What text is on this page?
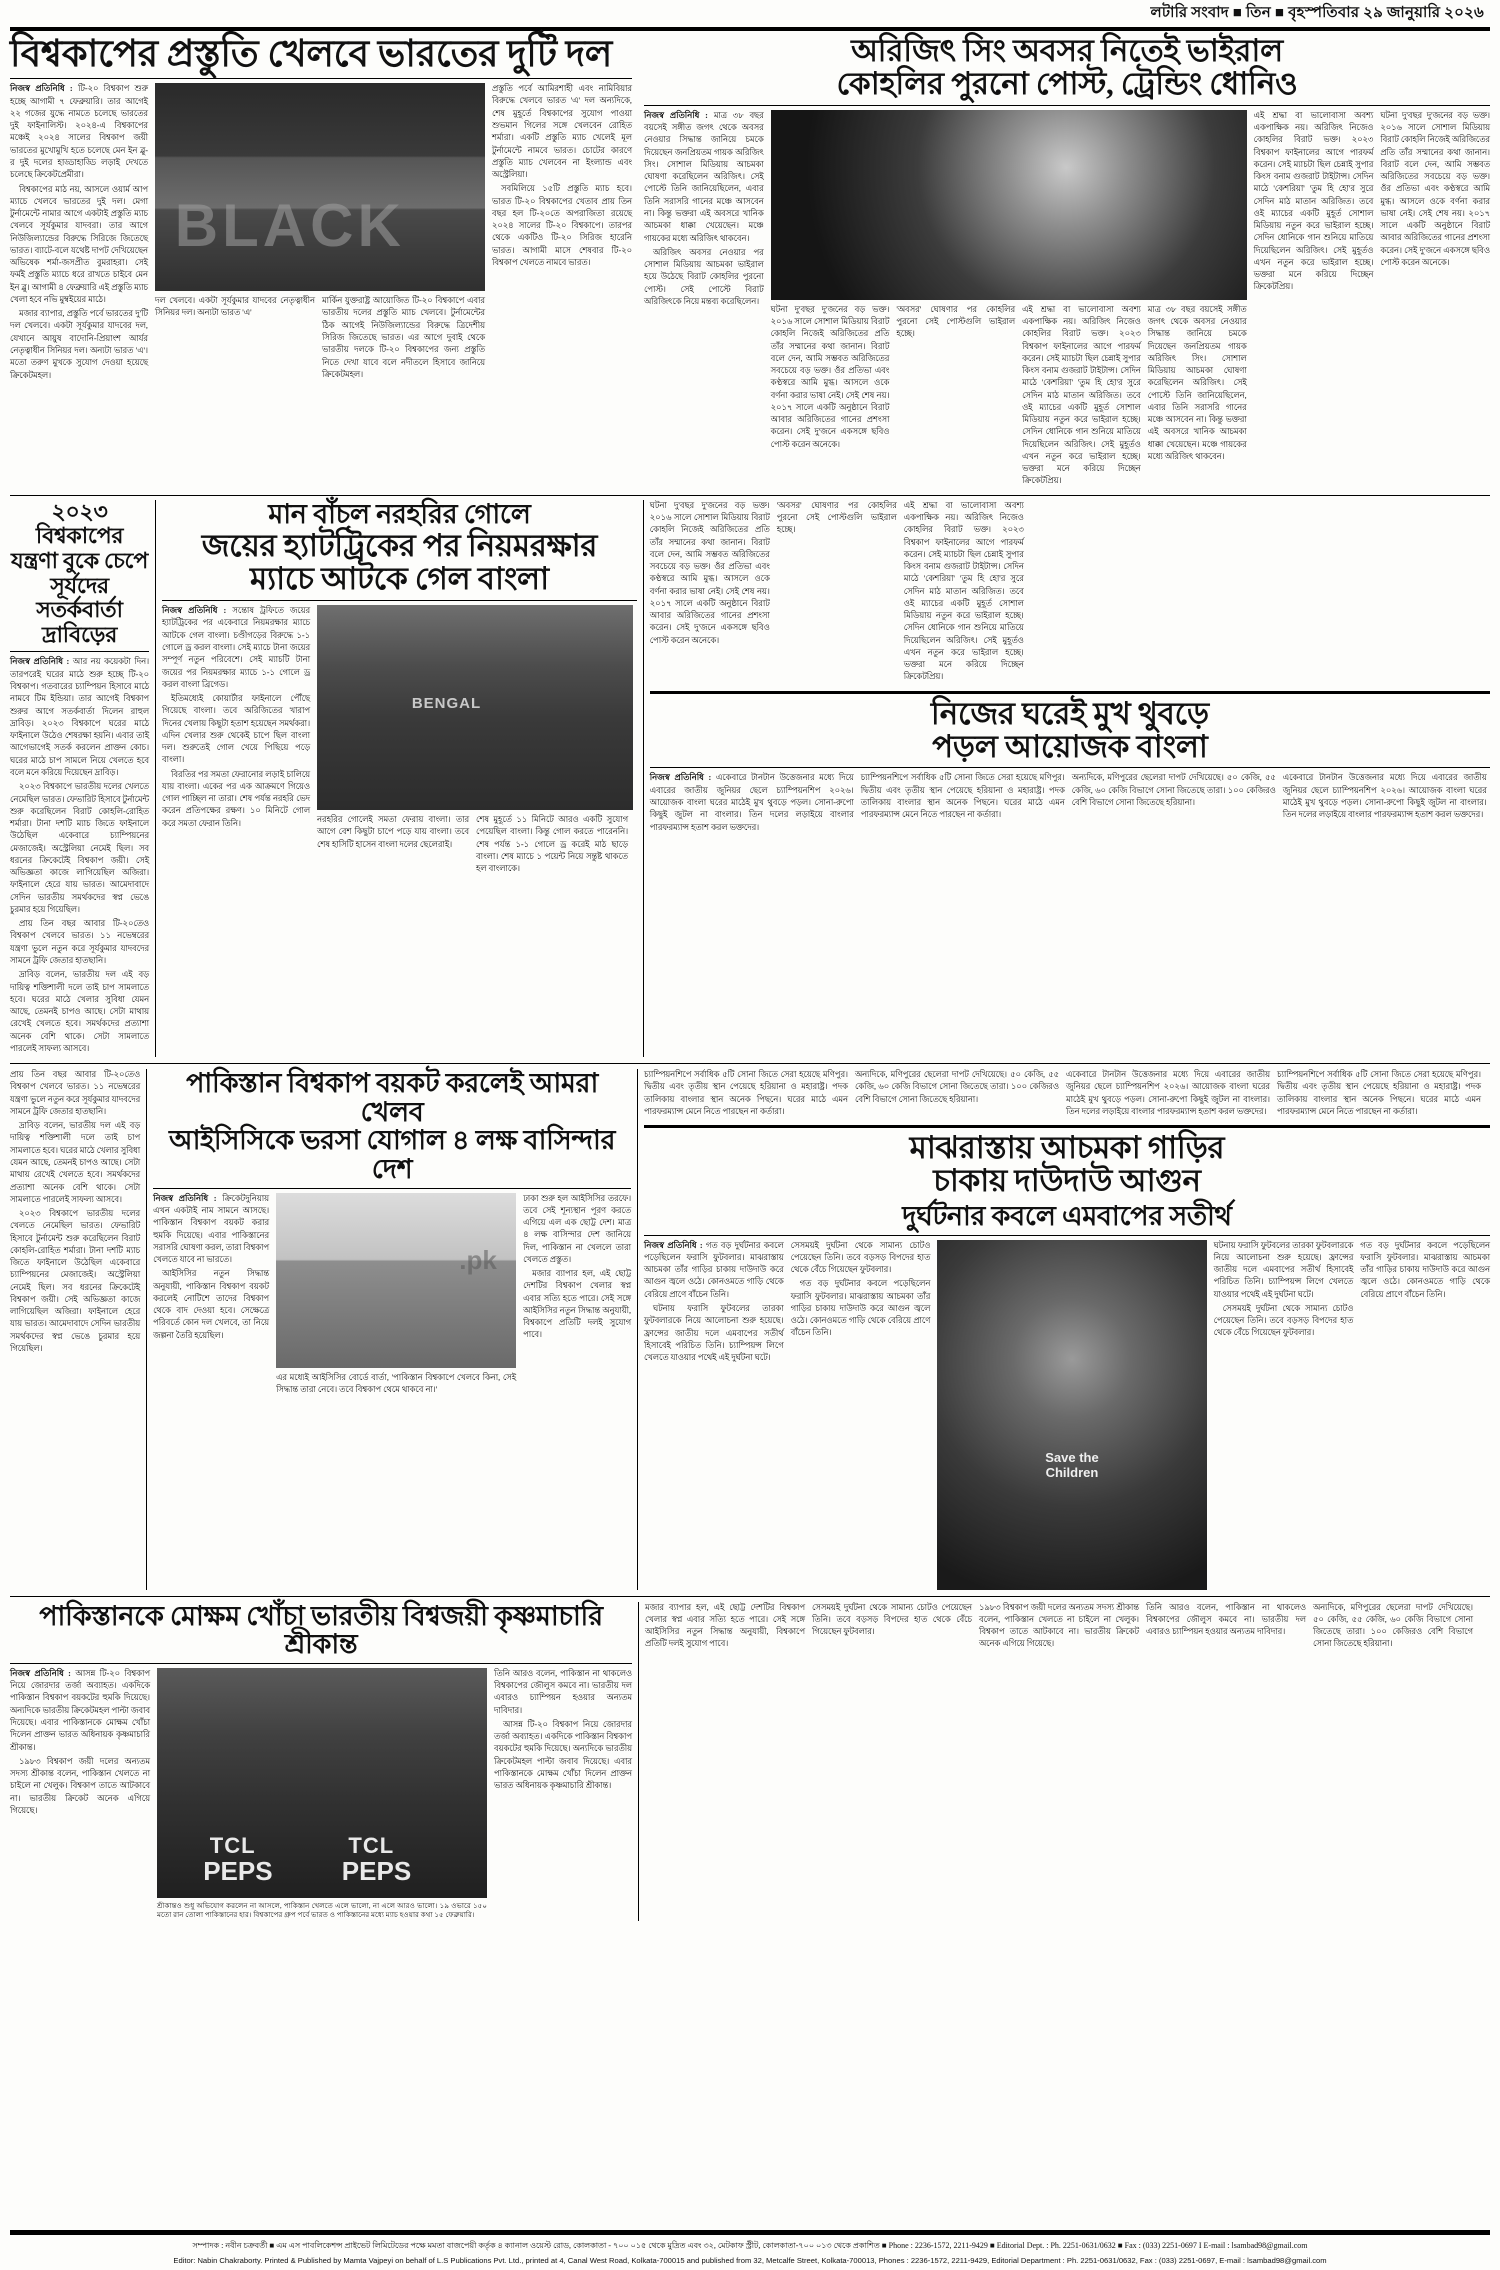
লটারি সংবাদ ■ তিন ■ বৃহস্পতিবার ২৯ জানুয়ারি ২০২৬
বিশ্বকাপের প্রস্তুতি খেলবে ভারতের দুটি দল

নিজস্ব প্রতিনিধি : টি-২০ বিশ্বকাপ শুরু হচ্ছে আগামী ৭ ফেব্রুয়ারি। তার আগেই ২২ গজের যুদ্ধে নামতে চলেছে ভারতের দুই ফাইনালিস্ট। ২০২৪-এ বিশ্বকাপের মঞ্চেই ২০২৪ সালের বিশ্বকাপ জয়ী ভারতের মুখোমুখি হতে চলেছে মেন ইন ব্লু-র দুই দলের হাড্ডাহাড্ডি লড়াই দেখতে চলেছে ক্রিকেটপ্রেমীরা।

বিশ্বকাপের মাঠ নয়, আসলে ওয়ার্ম আপ ম্যাচে খেলবে ভারতের দুই দল। মেগা টুর্নামেন্টে নামার আগে একটাই প্রস্তুতি ম্যাচ খেলবে সূর্যকুমার যাদবরা। তার আগে নিউজিল্যান্ডের বিরুদ্ধে সিরিজে জিতেছে ভারত। ব্যাটে-বলে যথেষ্ট দাপট দেখিয়েছেন অভিষেক শর্মা-জসপ্রীত বুমরাহরা। সেই ফর্মই প্রস্তুতি ম্যাচে ধরে রাখতে চাইবে মেন ইন ব্লু। আগামী ৪ ফেব্রুয়ারি এই প্রস্তুতি ম্যাচ খেলা হবে নভি মুম্বইয়ের মাঠে।

মজার ব্যাপার, প্রস্তুতি পর্বে ভারতের দু'টি দল খেলবে। একটা সূর্যকুমার যাদবের দল, যেখানে আয়ুষ বাদোনি-প্রিয়াংশ আর্যর নেতৃত্বাধীন সিনিয়র দল। অন্যটা ভারত 'এ'। মতো তরুণ মুখকে সুযোগ দেওয়া হয়েছে ক্রিকেটমহল।

BLACK

দল খেলবে। একটা সূর্যকুমার যাদবের নেতৃত্বাধীন সিনিয়র দল। অন্যটা ভারত 'এ'

মার্কিন যুক্তরাষ্ট্র আয়োজিত টি-২০ বিশ্বকাপে এবার ভারতীয় দলের প্রস্তুতি ম্যাচ খেলবে। টুর্নামেন্টের ঠিক আগেই নিউজিল্যান্ডের বিরুদ্ধে ত্রিদেশীয় সিরিজ জিতেছে ভারত। এর আগে দুবাই থেকে ভারতীয় দলকে টি-২০ বিশ্বকাপের জন্য প্রস্তুতি নিতে দেখা যাবে বলে নদীতলে হিসাবে জানিয়ে ক্রিকেটমহল।

প্রস্তুতি পর্বে আমিরশাহী এবং নামিবিয়ার বিরুদ্ধে খেলবে ভারত 'এ' দল অন্যদিকে, শেষ মুহূর্তে বিশ্বকাপের সুযোগ পাওয়া শুভমান গিলের সঙ্গে খেলবেন রোহিত শর্মারা। একটি প্রস্তুতি ম্যাচ খেলেই মূল টুর্নামেন্টে নামবে ভারত। চোটের কারণে প্রস্তুতি ম্যাচ খেলবেন না ইংল্যান্ড এবং অস্ট্রেলিয়া।

সবমিলিয়ে ১৫টি প্রস্তুতি ম্যাচ হবে। ভারত টি-২০ বিশ্বকাপের খেতাব প্রায় তিন বছর হল টি-২০তে অপরাজিতা রয়েছে ২০২৪ সালের টি-২০ বিশ্বকাপে। তারপর থেকে একটিও টি-২০ সিরিজ হারেনি ভারত। আগামী মাসে শেষবার টি-২০ বিশ্বকাপ খেলতে নামবে ভারত।

অরিজিৎ সিং অবসর নিতেই ভাইরাল
কোহলির পুরনো পোস্ট, ট্রেন্ডিং ধোনিও

নিজস্ব প্রতিনিধি : মাত্র ৩৮ বছর বয়সেই সঙ্গীত জগৎ থেকে অবসর নেওয়ার সিদ্ধান্ত জানিয়ে চমকে দিয়েছেন জনপ্রিয়তম গায়ক অরিজিৎ সিং। সোশাল মিডিয়ায় আচমকা ঘোষণা করেছিলেন অরিজিৎ। সেই পোস্টে তিনি জানিয়েছিলেন, এবার তিনি সরাসরি গানের মঞ্চে আসবেন না। কিন্তু ভক্তরা এই অবসরে খানিক আচমকা ধাক্কা খেয়েছেন। মঞ্চে গায়কের মধ্যে অরিজিৎ থাকবেন।

অরিজিৎ অবসর নেওয়ার পর সোশাল মিডিয়ায় আচমকা ভাইরাল হয়ে উঠেছে বিরাট কোহলির পুরনো পোস্ট। সেই পোস্টে বিরাট অরিজিৎকে নিয়ে মন্তব্য করেছিলেন।

ঘটনা দু'বছর দু'জনের বড় ভক্ত। ২০১৬ সালে সোশাল মিডিয়ায় বিরাট কোহলি নিজেই অরিজিতের প্রতি তাঁর সম্মানের কথা জানান। বিরাট বলে দেন, আমি সম্ভবত অরিজিতের সবচেয়ে বড় ভক্ত। ওঁর প্রতিভা এবং কণ্ঠস্বরে আমি মুগ্ধ। আসলে ওকে বর্ণনা করার ভাষা নেই। সেই শেষ নয়। ২০১৭ সালে একটি অনুষ্ঠানে বিরাট আবার অরিজিতের গানের প্রশংসা করেন। সেই দু'জনে একসঙ্গে ছবিও পোস্ট করেন অনেকে।

'অবসর' ঘোষণার পর কোহলির পুরনো সেই পোস্টগুলি ভাইরাল হচ্ছে।

এই শ্রদ্ধা বা ভালোবাসা অবশ্য একপাক্ষিক নয়। অরিজিৎ নিজেও কোহলির বিরাট ভক্ত। ২০২৩ বিশ্বকাপ ফাইনালের আগে পারফর্ম করেন। সেই ম্যাচটা ছিল চেন্নাই সুপার কিংস বনাম গুজরাট টাইটান্স। সেদিন মাঠে 'কেশরিয়া' 'তুম হি হো'র সুরে সেদিন মাঠ মাতান অরিজিত। তবে ওই ম্যাচের একটি মুহূর্ত সোশাল মিডিয়ায় নতুন করে ভাইরাল হচ্ছে। সেদিন ধোনিকে গান শুনিয়ে মাতিয়ে দিয়েছিলেন অরিজিৎ। সেই মুহূর্তও এখন নতুন করে ভাইরাল হচ্ছে। ভক্তরা মনে করিয়ে দিচ্ছেন ক্রিকেটপ্রিয়।

মাত্র ৩৮ বছর বয়সেই সঙ্গীত জগৎ থেকে অবসর নেওয়ার সিদ্ধান্ত জানিয়ে চমকে দিয়েছেন জনপ্রিয়তম গায়ক অরিজিৎ সিং। সোশাল মিডিয়ায় আচমকা ঘোষণা করেছিলেন অরিজিৎ। সেই পোস্টে তিনি জানিয়েছিলেন, এবার তিনি সরাসরি গানের মঞ্চে আসবেন না। কিন্তু ভক্তরা এই অবসরে খানিক আচমকা ধাক্কা খেয়েছেন। মঞ্চে গায়কের মধ্যে অরিজিৎ থাকবেন।

এই শ্রদ্ধা বা ভালোবাসা অবশ্য একপাক্ষিক নয়। অরিজিৎ নিজেও কোহলির বিরাট ভক্ত। ২০২৩ বিশ্বকাপ ফাইনালের আগে পারফর্ম করেন। সেই ম্যাচটা ছিল চেন্নাই সুপার কিংস বনাম গুজরাট টাইটান্স। সেদিন মাঠে 'কেশরিয়া' 'তুম হি হো'র সুরে সেদিন মাঠ মাতান অরিজিত। তবে ওই ম্যাচের একটি মুহূর্ত সোশাল মিডিয়ায় নতুন করে ভাইরাল হচ্ছে। সেদিন ধোনিকে গান শুনিয়ে মাতিয়ে দিয়েছিলেন অরিজিৎ। সেই মুহূর্তও এখন নতুন করে ভাইরাল হচ্ছে। ভক্তরা মনে করিয়ে দিচ্ছেন ক্রিকেটপ্রিয়।

ঘটনা দু'বছর দু'জনের বড় ভক্ত। ২০১৬ সালে সোশাল মিডিয়ায় বিরাট কোহলি নিজেই অরিজিতের প্রতি তাঁর সম্মানের কথা জানান। বিরাট বলে দেন, আমি সম্ভবত অরিজিতের সবচেয়ে বড় ভক্ত। ওঁর প্রতিভা এবং কণ্ঠস্বরে আমি মুগ্ধ। আসলে ওকে বর্ণনা করার ভাষা নেই। সেই শেষ নয়। ২০১৭ সালে একটি অনুষ্ঠানে বিরাট আবার অরিজিতের গানের প্রশংসা করেন। সেই দু'জনে একসঙ্গে ছবিও পোস্ট করেন অনেকে।

২০২৩ বিশ্বকাপের যন্ত্রণা বুকে চেপে সূর্যদের সতর্কবার্তা দ্রাবিড়ের

নিজস্ব প্রতিনিধি : আর নয় কয়েকটা দিন। তারপরেই ঘরের মাঠে শুরু হচ্ছে টি-২০ বিশ্বকাপ। গতবারের চ্যাম্পিয়ন হিসাবে মাঠে নামবে টিম ইন্ডিয়া। তার আগেই বিশ্বকাপ শুরুর আগে সতর্কবার্তা দিলেন রাহুল দ্রাবিড়। ২০২৩ বিশ্বকাপে ঘরের মাঠে ফাইনালে উঠেও শেষরক্ষা হয়নি। এবার তাই আগেভাগেই সতর্ক করলেন প্রাক্তন কোচ। ঘরের মাঠে চাপ সামলে নিয়ে খেলতে হবে বলে মনে করিয়ে দিয়েছেন দ্রাবিড়।

২০২৩ বিশ্বকাপে ভারতীয় দলের খেলতে নেমেছিল ভারত। ফেভারিট হিসাবে টুর্নামেন্ট শুরু করেছিলেন বিরাট কোহলি-রোহিত শর্মারা। টানা দশটি ম্যাচ জিতে ফাইনালে উঠেছিল একেবারে চ্যাম্পিয়নের মেজাজেই। অস্ট্রেলিয়া নেমেই ছিল। সব ধরনের ক্রিকেটেই বিশ্বকাপ জয়ী। সেই অভিজ্ঞতা কাজে লাগিয়েছিল অজিরা। ফাইনালে হেরে যায় ভারত। আমেদাবাদে সেদিন ভারতীয় সমর্থকদের স্বপ্ন ভেঙে চুরমার হয়ে গিয়েছিল।

প্রায় তিন বছর আবার টি-২০তেও বিশ্বকাপ খেলবে ভারত। ১১ নভেম্বরের যন্ত্রণা ভুলে নতুন করে সূর্যকুমার যাদবদের সামনে ট্রফি জেতার হাতছানি।

দ্রাবিড় বলেন, ভারতীয় দল এই বড় দায়িত্ব শক্তিশালী দলে তাই চাপ সামলাতে হবে। ঘরের মাঠে খেলার সুবিধা যেমন আছে, তেমনই চাপও আছে। সেটা মাথায় রেখেই খেলতে হবে। সমর্থকদের প্রত্যাশা অনেক বেশি থাকে। সেটা সামলাতে পারলেই সাফল্য আসবে।

মান বাঁচল নরহরির গোলে
জয়ের হ্যাটট্রিকের পর নিয়মরক্ষার
ম্যাচে আটকে গেল বাংলা

নিজস্ব প্রতিনিধি : সন্তোষ ট্রফিতে জয়ের হ্যাটট্রিকের পর একেবারে নিয়মরক্ষার ম্যাচে আটকে গেল বাংলা। চণ্ডীগড়ের বিরুদ্ধে ১-১ গোলে ড্র করল বাংলা। সেই ম্যাচে টানা জয়ের সম্পূর্ণ নতুন পরিবেশে। সেই ম্যাচটি টানা জয়ের পর নিয়মরক্ষার ম্যাচে ১-১ গোলে ড্র করল বাংলা ব্রিগেড।

ইতিমধ্যেই কোয়ার্টার ফাইনালে পৌঁছে গিয়েছে বাংলা। তবে অরিজিতের খারাপ দিনের খেলায় কিছুটা হতাশ হয়েছেন সমর্থকরা। এদিন খেলার শুরু থেকেই চাপে ছিল বাংলা দল। শুরুতেই গোল খেয়ে পিছিয়ে পড়ে বাংলা।

বিরতির পর সমতা ফেরানোর লড়াই চালিয়ে যায় বাংলা। একের পর এক আক্রমণে গিয়েও গোল পাচ্ছিল না তারা। শেষ পর্যন্ত নরহরি ভেদ করেন প্রতিপক্ষের রক্ষণ। ১০ মিনিটে গোল করে সমতা ফেরান তিনি।

BENGAL	নরহরির গোলেই সমতা ফেরায় বাংলা। তার আগে বেশ কিছুটা চাপে পড়ে যায় বাংলা। তবে শেষ হাসিটি হাসেন বাংলা দলের ছেলেরাই।

শেষ মুহূর্তে ১১ মিনিটে আরও একটি সুযোগ পেয়েছিল বাংলা। কিন্তু গোল করতে পারেননি। শেষ পর্যন্ত ১-১ গোলে ড্র করেই মাঠ ছাড়ে বাংলা। শেষ ম্যাচে ১ পয়েন্ট নিয়ে সন্তুষ্ট থাকতে হল বাংলাকে।

ঘটনা দু'বছর দু'জনের বড় ভক্ত। ২০১৬ সালে সোশাল মিডিয়ায় বিরাট কোহলি নিজেই অরিজিতের প্রতি তাঁর সম্মানের কথা জানান। বিরাট বলে দেন, আমি সম্ভবত অরিজিতের সবচেয়ে বড় ভক্ত। ওঁর প্রতিভা এবং কণ্ঠস্বরে আমি মুগ্ধ। আসলে ওকে বর্ণনা করার ভাষা নেই। সেই শেষ নয়। ২০১৭ সালে একটি অনুষ্ঠানে বিরাট আবার অরিজিতের গানের প্রশংসা করেন। সেই দু'জনে একসঙ্গে ছবিও পোস্ট করেন অনেকে।

'অবসর' ঘোষণার পর কোহলির পুরনো সেই পোস্টগুলি ভাইরাল হচ্ছে।

এই শ্রদ্ধা বা ভালোবাসা অবশ্য একপাক্ষিক নয়। অরিজিৎ নিজেও কোহলির বিরাট ভক্ত। ২০২৩ বিশ্বকাপ ফাইনালের আগে পারফর্ম করেন। সেই ম্যাচটা ছিল চেন্নাই সুপার কিংস বনাম গুজরাট টাইটান্স। সেদিন মাঠে 'কেশরিয়া' 'তুম হি হো'র সুরে সেদিন মাঠ মাতান অরিজিত। তবে ওই ম্যাচের একটি মুহূর্ত সোশাল মিডিয়ায় নতুন করে ভাইরাল হচ্ছে। সেদিন ধোনিকে গান শুনিয়ে মাতিয়ে দিয়েছিলেন অরিজিৎ। সেই মুহূর্তও এখন নতুন করে ভাইরাল হচ্ছে। ভক্তরা মনে করিয়ে দিচ্ছেন ক্রিকেটপ্রিয়।

নিজের ঘরেই মুখ থুবড়ে
পড়ল আয়োজক বাংলা

নিজস্ব প্রতিনিধি : একেবারে টানটান উত্তেজনার মধ্যে দিয়ে এবারের জাতীয় জুনিয়র ছেলে চ্যাম্পিয়নশিপ ২০২৬। আয়োজক বাংলা ঘরের মাঠেই মুখ থুবড়ে পড়ল। সোনা-রুপো কিছুই জুটল না বাংলার। তিন দলের লড়াইয়ে বাংলার পারফরম্যান্স হতাশ করল ভক্তদের।

চ্যাম্পিয়নশিপে সর্বাধিক ৫টি সোনা জিতে সেরা হয়েছে মণিপুর। দ্বিতীয় এবং তৃতীয় স্থান পেয়েছে হরিয়ানা ও মহারাষ্ট্র। পদক তালিকায় বাংলার স্থান অনেক পিছনে। ঘরের মাঠে এমন পারফরম্যান্স মেনে নিতে পারছেন না কর্তারা।

অন্যদিকে, মণিপুরের ছেলেরা দাপট দেখিয়েছে। ৫০ কেজি, ৫৫ কেজি, ৬০ কেজি বিভাগে সোনা জিতেছে তারা। ১০০ কেজিরও বেশি বিভাগে সোনা জিতেছে হরিয়ানা।

একেবারে টানটান উত্তেজনার মধ্যে দিয়ে এবারের জাতীয় জুনিয়র ছেলে চ্যাম্পিয়নশিপ ২০২৬। আয়োজক বাংলা ঘরের মাঠেই মুখ থুবড়ে পড়ল। সোনা-রুপো কিছুই জুটল না বাংলার। তিন দলের লড়াইয়ে বাংলার পারফরম্যান্স হতাশ করল ভক্তদের।

প্রায় তিন বছর আবার টি-২০তেও বিশ্বকাপ খেলবে ভারত। ১১ নভেম্বরের যন্ত্রণা ভুলে নতুন করে সূর্যকুমার যাদবদের সামনে ট্রফি জেতার হাতছানি।

দ্রাবিড় বলেন, ভারতীয় দল এই বড় দায়িত্ব শক্তিশালী দলে তাই চাপ সামলাতে হবে। ঘরের মাঠে খেলার সুবিধা যেমন আছে, তেমনই চাপও আছে। সেটা মাথায় রেখেই খেলতে হবে। সমর্থকদের প্রত্যাশা অনেক বেশি থাকে। সেটা সামলাতে পারলেই সাফল্য আসবে।

২০২৩ বিশ্বকাপে ভারতীয় দলের খেলতে নেমেছিল ভারত। ফেভারিট হিসাবে টুর্নামেন্ট শুরু করেছিলেন বিরাট কোহলি-রোহিত শর্মারা। টানা দশটি ম্যাচ জিতে ফাইনালে উঠেছিল একেবারে চ্যাম্পিয়নের মেজাজেই। অস্ট্রেলিয়া নেমেই ছিল। সব ধরনের ক্রিকেটেই বিশ্বকাপ জয়ী। সেই অভিজ্ঞতা কাজে লাগিয়েছিল অজিরা। ফাইনালে হেরে যায় ভারত। আমেদাবাদে সেদিন ভারতীয় সমর্থকদের স্বপ্ন ভেঙে চুরমার হয়ে গিয়েছিল।

পাকিস্তান বিশ্বকাপ বয়কট করলেই আমরা খেলব
আইসিসিকে ভরসা যোগাল ৪ লক্ষ বাসিন্দার দেশ

নিজস্ব প্রতিনিধি : ক্রিকেটদুনিয়ায় এখন একটাই নাম সামনে আসছে। পাকিস্তান বিশ্বকাপ বয়কট করার হুমকি দিয়েছে। এবার পাকিস্তানের সরাসরি ঘোষণা করল, তারা বিশ্বকাপ খেলতে যাবে না ভারতে।

আইসিসির নতুন সিদ্ধান্ত অনুযায়ী, পাকিস্তান বিশ্বকাপ বয়কট করলেই নোটিশে তাদের বিশ্বকাপ থেকে বাদ দেওয়া হবে। সেক্ষেত্রে পরিবর্তে কোন দল খেলবে, তা নিয়ে জল্পনা তৈরি হয়েছিল।

.pk

এর মধ্যেই আইসিসির বোর্ডে বার্তা, 'পাকিস্তান বিশ্বকাপে খেলবে কিনা, সেই সিদ্ধান্ত তারা নেবে। তবে বিশ্বকাপ থেমে থাকবে না।'

ঢাকা শুরু হল আইসিসির তরফে। তবে সেই শূন্যস্থান পূরণ করতে এগিয়ে এল এক ছোট্ট দেশ। মাত্র ৪ লক্ষ বাসিন্দার দেশ জানিয়ে দিল, পাকিস্তান না খেললে তারা খেলতে প্রস্তুত।

মজার ব্যাপার হল, এই ছোট্ট দেশটির বিশ্বকাপ খেলার স্বপ্ন এবার সত্যি হতে পারে। সেই সঙ্গে আইসিসির নতুন সিদ্ধান্ত অনুযায়ী, বিশ্বকাপে প্রতিটি দলই সুযোগ পাবে।

চ্যাম্পিয়নশিপে সর্বাধিক ৫টি সোনা জিতে সেরা হয়েছে মণিপুর। দ্বিতীয় এবং তৃতীয় স্থান পেয়েছে হরিয়ানা ও মহারাষ্ট্র। পদক তালিকায় বাংলার স্থান অনেক পিছনে। ঘরের মাঠে এমন পারফরম্যান্স মেনে নিতে পারছেন না কর্তারা।

অন্যদিকে, মণিপুরের ছেলেরা দাপট দেখিয়েছে। ৫০ কেজি, ৫৫ কেজি, ৬০ কেজি বিভাগে সোনা জিতেছে তারা। ১০০ কেজিরও বেশি বিভাগে সোনা জিতেছে হরিয়ানা।

একেবারে টানটান উত্তেজনার মধ্যে দিয়ে এবারের জাতীয় জুনিয়র ছেলে চ্যাম্পিয়নশিপ ২০২৬। আয়োজক বাংলা ঘরের মাঠেই মুখ থুবড়ে পড়ল। সোনা-রুপো কিছুই জুটল না বাংলার। তিন দলের লড়াইয়ে বাংলার পারফরম্যান্স হতাশ করল ভক্তদের।

চ্যাম্পিয়নশিপে সর্বাধিক ৫টি সোনা জিতে সেরা হয়েছে মণিপুর। দ্বিতীয় এবং তৃতীয় স্থান পেয়েছে হরিয়ানা ও মহারাষ্ট্র। পদক তালিকায় বাংলার স্থান অনেক পিছনে। ঘরের মাঠে এমন পারফরম্যান্স মেনে নিতে পারছেন না কর্তারা।

মাঝরাস্তায় আচমকা গাড়ির
চাকায় দাউদাউ আগুন
দুর্ঘটনার কবলে এমবাপের সতীর্থ

নিজস্ব প্রতিনিধি : গত বড় দুর্ঘটনার কবলে পড়েছিলেন ফরাসি ফুটবলার। মাঝরাস্তায় আচমকা তাঁর গাড়ির চাকায় দাউদাউ করে আগুন জ্বলে ওঠে। কোনওমতে গাড়ি থেকে বেরিয়ে প্রাণে বাঁচেন তিনি।

ঘটনায় ফরাসি ফুটবলের তারকা ফুটবলারকে নিয়ে আলোচনা শুরু হয়েছে। ফ্রান্সের জাতীয় দলে এমবাপের সতীর্থ হিসাবেই পরিচিত তিনি। চ্যাম্পিয়ন্স লিগে খেলতে যাওয়ার পথেই এই দুর্ঘটনা ঘটে।

সেসময়ই দুর্ঘটনা থেকে সামান্য চোটও পেয়েছেন তিনি। তবে বড়সড় বিপদের হাত থেকে বেঁচে গিয়েছেন ফুটবলার।

গত বড় দুর্ঘটনার কবলে পড়েছিলেন ফরাসি ফুটবলার। মাঝরাস্তায় আচমকা তাঁর গাড়ির চাকায় দাউদাউ করে আগুন জ্বলে ওঠে। কোনওমতে গাড়ি থেকে বেরিয়ে প্রাণে বাঁচেন তিনি।

Save the
Children

ঘটনায় ফরাসি ফুটবলের তারকা ফুটবলারকে নিয়ে আলোচনা শুরু হয়েছে। ফ্রান্সের জাতীয় দলে এমবাপের সতীর্থ হিসাবেই পরিচিত তিনি। চ্যাম্পিয়ন্স লিগে খেলতে যাওয়ার পথেই এই দুর্ঘটনা ঘটে।

সেসময়ই দুর্ঘটনা থেকে সামান্য চোটও পেয়েছেন তিনি। তবে বড়সড় বিপদের হাত থেকে বেঁচে গিয়েছেন ফুটবলার।

গত বড় দুর্ঘটনার কবলে পড়েছিলেন ফরাসি ফুটবলার। মাঝরাস্তায় আচমকা তাঁর গাড়ির চাকায় দাউদাউ করে আগুন জ্বলে ওঠে। কোনওমতে গাড়ি থেকে বেরিয়ে প্রাণে বাঁচেন তিনি।

পাকিস্তানকে মোক্ষম খোঁচা ভারতীয় বিশ্বজয়ী কৃষ্ণমাচারি শ্রীকান্ত

নিজস্ব প্রতিনিধি : আসন্ন টি-২০ বিশ্বকাপ নিয়ে জোরদার তর্জা অব্যাহত। একদিকে পাকিস্তান বিশ্বকাপ বয়কটের হুমকি দিয়েছে। অন্যদিকে ভারতীয় ক্রিকেটমহল পাল্টা জবাব দিয়েছে। এবার পাকিস্তানকে মোক্ষম খোঁচা দিলেন প্রাক্তন ভারত অধিনায়ক কৃষ্ণমাচারি শ্রীকান্ত।

১৯৮৩ বিশ্বকাপ জয়ী দলের অন্যতম সদস্য শ্রীকান্ত বলেন, পাকিস্তান খেলতে না চাইলে না খেলুক। বিশ্বকাপ তাতে আটকাবে না। ভারতীয় ক্রিকেট অনেক এগিয়ে গিয়েছে।

TCL
PEPS
TCL
PEPS
শ্রীকান্তও শুধু অভিযোগ করলেন না আসলে, পাকিস্তান খেলতে এলে ভালো, না এলে আরও ভালো। ১৯ ওভারে ১৫০ মতো রান তোলা পাকিস্তানের হার। বিশ্বকাপের গ্রুপ পর্বে ভারত ও পাকিস্তানের মধ্যে ম্যাচ হওয়ার কথা ১৫ ফেব্রুয়ারি।

তিনি আরও বলেন, পাকিস্তান না থাকলেও বিশ্বকাপের জৌলুস কমবে না। ভারতীয় দল এবারও চ্যাম্পিয়ন হওয়ার অন্যতম দাবিদার।

আসন্ন টি-২০ বিশ্বকাপ নিয়ে জোরদার তর্জা অব্যাহত। একদিকে পাকিস্তান বিশ্বকাপ বয়কটের হুমকি দিয়েছে। অন্যদিকে ভারতীয় ক্রিকেটমহল পাল্টা জবাব দিয়েছে। এবার পাকিস্তানকে মোক্ষম খোঁচা দিলেন প্রাক্তন ভারত অধিনায়ক কৃষ্ণমাচারি শ্রীকান্ত।

মজার ব্যাপার হল, এই ছোট্ট দেশটির বিশ্বকাপ খেলার স্বপ্ন এবার সত্যি হতে পারে। সেই সঙ্গে আইসিসির নতুন সিদ্ধান্ত অনুযায়ী, বিশ্বকাপে প্রতিটি দলই সুযোগ পাবে।

সেসময়ই দুর্ঘটনা থেকে সামান্য চোটও পেয়েছেন তিনি। তবে বড়সড় বিপদের হাত থেকে বেঁচে গিয়েছেন ফুটবলার।

১৯৮৩ বিশ্বকাপ জয়ী দলের অন্যতম সদস্য শ্রীকান্ত বলেন, পাকিস্তান খেলতে না চাইলে না খেলুক। বিশ্বকাপ তাতে আটকাবে না। ভারতীয় ক্রিকেট অনেক এগিয়ে গিয়েছে।

তিনি আরও বলেন, পাকিস্তান না থাকলেও বিশ্বকাপের জৌলুস কমবে না। ভারতীয় দল এবারও চ্যাম্পিয়ন হওয়ার অন্যতম দাবিদার।

অন্যদিকে, মণিপুরের ছেলেরা দাপট দেখিয়েছে। ৫০ কেজি, ৫৫ কেজি, ৬০ কেজি বিভাগে সোনা জিতেছে তারা। ১০০ কেজিরও বেশি বিভাগে সোনা জিতেছে হরিয়ানা।

সম্পাদক : নবীন চক্রবর্তী ■ এম এস পাবলিকেশন্স প্রাইভেট লিমিটেডের পক্ষে মমতা বাজপেয়ী কর্তৃক ৪ ক্যানাল ওয়েস্ট রোড, কোলকাতা - ৭০০ ০১৫ থেকে মুদ্রিত এবং ৩২, মেটকাফ স্ট্রীট, কোলকাতা-৭০০ ০১৩ থেকে প্রকাশিত ■ Phone : 2236-1572, 2211-9429 ■ Editorial Dept. : Ph. 2251-0631/0632 ■ Fax : (033) 2251-0697 I E-mail : lsambad98@gmail.com
Editor: Nabin Chakraborty. Printed & Published by Mamta Vajpeyi on behalf of L.S Publications Pvt. Ltd., printed at 4, Canal West Road, Kolkata-700015 and published from 32, Metcalfe Street, Kolkata-700013, Phones : 2236-1572, 2211-9429, Editorial Department : Ph. 2251-0631/0632, Fax : (033) 2251-0697, E-mail : lsambad98@gmail.com
